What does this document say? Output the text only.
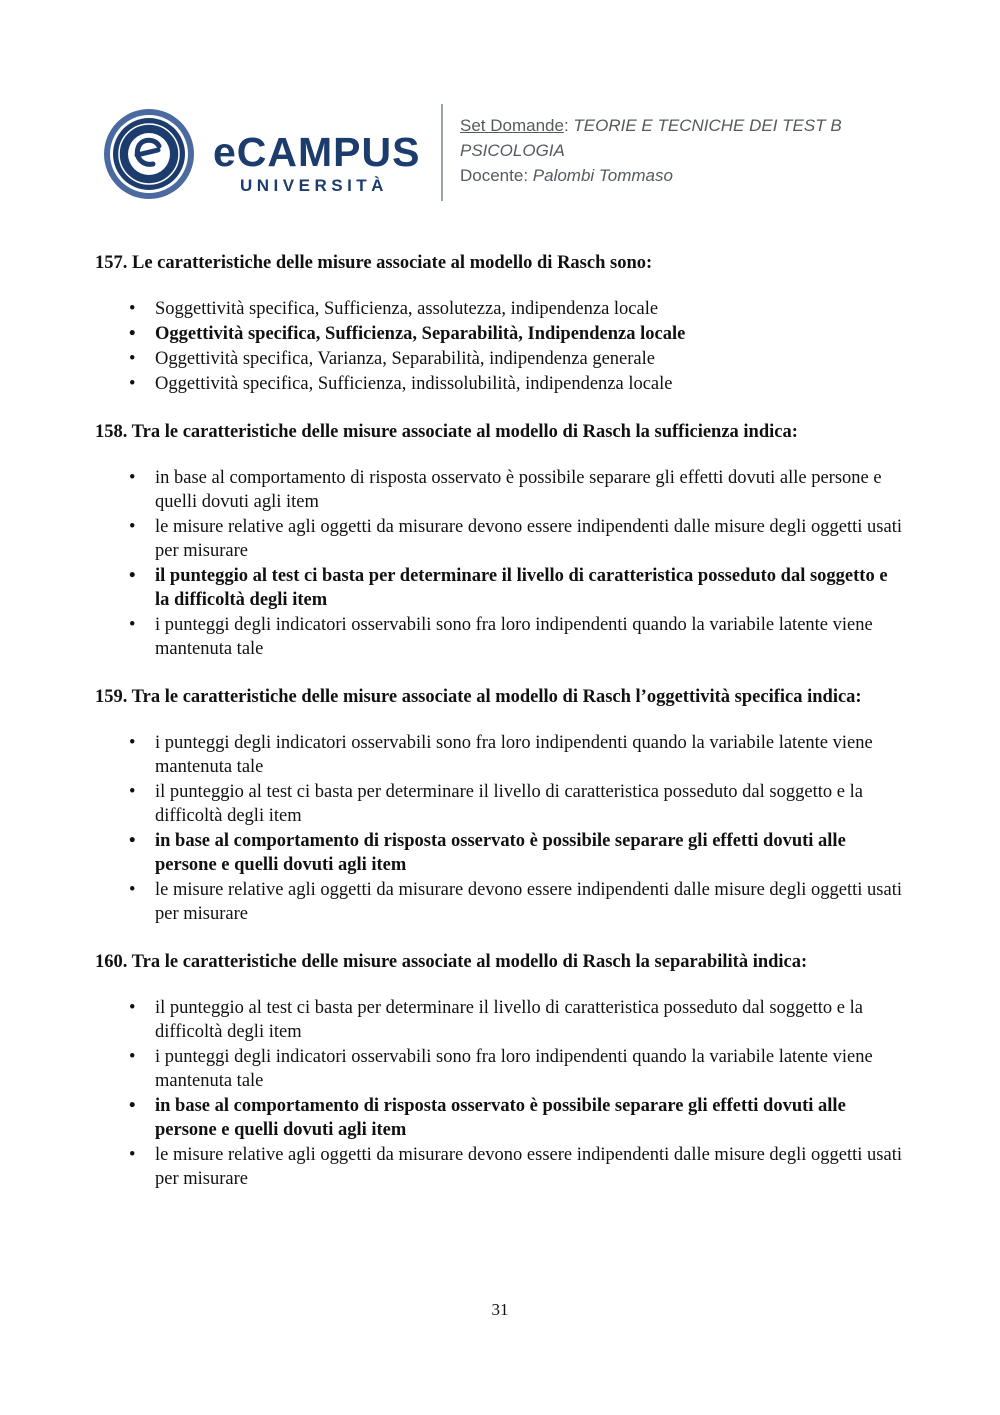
eCAMPUS
UNIVERSITÀ
Set Domande: TEORIE E TECNICHE DEI TEST B
PSICOLOGIA
Docente: Palombi Tommaso
157. Le caratteristiche delle misure associate al modello di Rasch sono:
• Soggettività specifica, Sufficienza, assolutezza, indipendenza locale
• Oggettività specifica, Sufficienza, Separabilità, Indipendenza locale
• Oggettività specifica, Varianza, Separabilità, indipendenza generale
• Oggettività specifica, Sufficienza, indissolubilità, indipendenza locale
158. Tra le caratteristiche delle misure associate al modello di Rasch la sufficienza indica:
• in base al comportamento di risposta osservato è possibile separare gli effetti dovuti alle persone e quelli dovuti agli item
• le misure relative agli oggetti da misurare devono essere indipendenti dalle misure degli oggetti usati per misurare
• il punteggio al test ci basta per determinare il livello di caratteristica posseduto dal soggetto e la difficoltà degli item
• i punteggi degli indicatori osservabili sono fra loro indipendenti quando la variabile latente viene mantenuta tale
159. Tra le caratteristiche delle misure associate al modello di Rasch l’oggettività specifica indica:
• i punteggi degli indicatori osservabili sono fra loro indipendenti quando la variabile latente viene mantenuta tale
• il punteggio al test ci basta per determinare il livello di caratteristica posseduto dal soggetto e la difficoltà degli item
• in base al comportamento di risposta osservato è possibile separare gli effetti dovuti alle persone e quelli dovuti agli item
• le misure relative agli oggetti da misurare devono essere indipendenti dalle misure degli oggetti usati per misurare
160. Tra le caratteristiche delle misure associate al modello di Rasch la separabilità indica:
• il punteggio al test ci basta per determinare il livello di caratteristica posseduto dal soggetto e la difficoltà degli item
• i punteggi degli indicatori osservabili sono fra loro indipendenti quando la variabile latente viene mantenuta tale
• in base al comportamento di risposta osservato è possibile separare gli effetti dovuti alle persone e quelli dovuti agli item
• le misure relative agli oggetti da misurare devono essere indipendenti dalle misure degli oggetti usati per misurare
31
